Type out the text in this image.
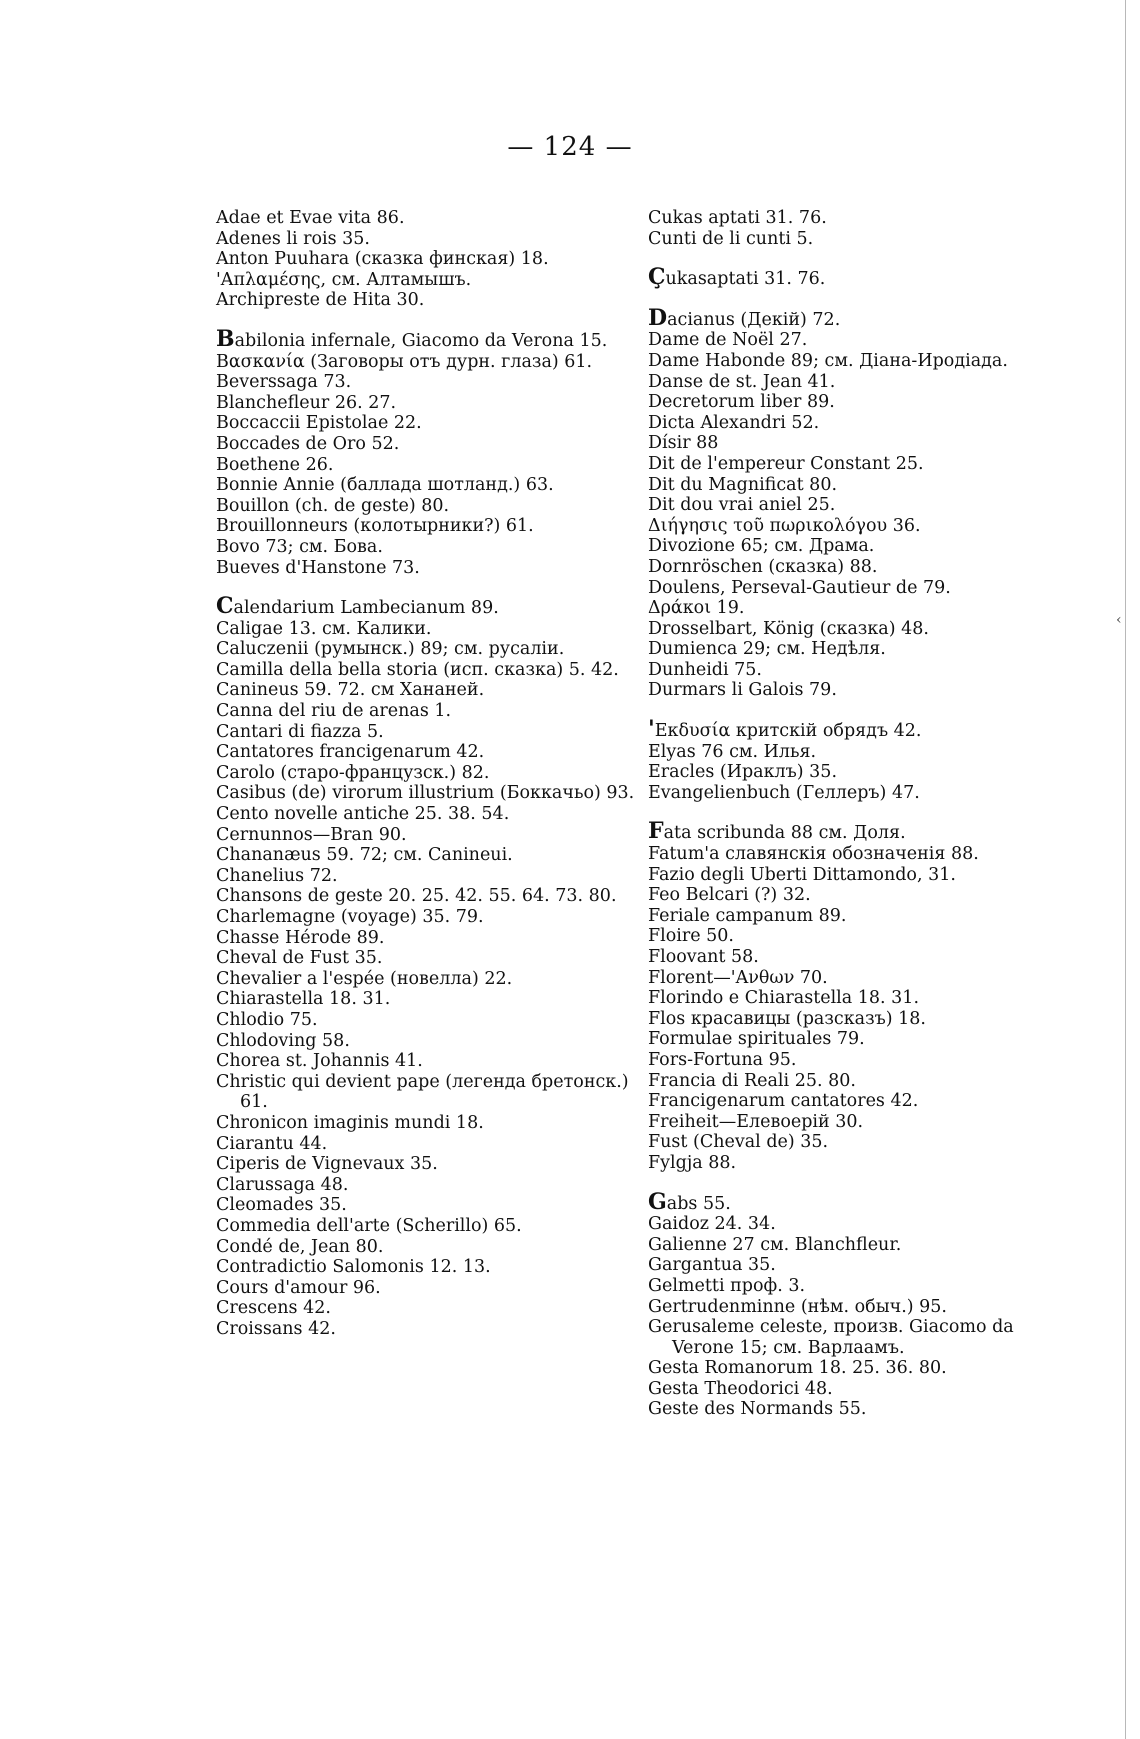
— 124 —
Adae et Evae vita 86.
Adenes li rois 35.
Anton Puuhara (сказка финская) 18.
'Απλαμέσης, см. Алтамышъ.
Archipreste de Hita 30.
Babilonia infernale, Giacomo da Verona 15.
Βασκανία (Заговоры отъ дурн. глаза) 61.
Beverssaga 73.
Blanchefleur 26. 27.
Boccaccii Epistolae 22.
Boccades de Oro 52.
Boethene 26.
Bonnie Annie (баллада шотланд.) 63.
Bouillon (ch. de geste) 80.
Brouillonneurs (колотырники?) 61.
Bovo 73; см. Бова.
Bueves d'Hanstone 73.
Calendarium Lambecianum 89.
Caligae 13. см. Калики.
Caluczenii (румынск.) 89; см. русалiи.
Camilla della bella storia (исп. сказка) 5. 42.
Canineus 59. 72. см Хананей.
Canna del riu de arenas 1.
Cantari di fiazza 5.
Cantatores francigenarum 42.
Carolo (старо-французск.) 82.
Casibus (de) virorum illustrium (Боккачьо) 93.
Cento novelle antiche 25. 38. 54.
Cernunnos—Bran 90.
Chananæus 59. 72; см. Canineui.
Chanelius 72.
Chansons de geste 20. 25. 42. 55. 64. 73. 80.
Charlemagne (voyage) 35. 79.
Chasse Hérode 89.
Cheval de Fust 35.
Chevalier a l'espée (новелла) 22.
Chiarastella 18. 31.
Chlodio 75.
Chlodoving 58.
Chorea st. Johannis 41.
Christic qui devient pape (легенда бретонск.) 61.
Chronicon imaginis mundi 18.
Ciarantu 44.
Ciperis de Vignevaux 35.
Clarussaga 48.
Cleomades 35.
Commedia dell'arte (Scherillo) 65.
Condé de, Jean 80.
Contradictio Salomonis 12. 13.
Cours d'amour 96.
Crescens 42.
Croissans 42.
Cukas aptati 31. 76.
Cunti de li cunti 5.
Çukasaptati 31. 76.
Dacianus (Декiй) 72.
Dame de Noël 27.
Dame Habonde 89; см. Дiана-Иродiада.
Danse de st. Jean 41.
Decretorum liber 89.
Dicta Alexandri 52.
Dísir 88
Dit de l'empereur Constant 25.
Dit du Magnificat 80.
Dit dou vrai aniel 25.
Διήγησις τοῦ πωρικολόγου 36.
Divozione 65; см. Драма.
Dornröschen (сказка) 88.
Doulens, Perseval-Gautieur de 79.
Δράκοι 19.
Drosselbart, König (сказка) 48.
Dumienca 29; см. Недѣля.
Dunheidi 75.
Durmars li Galois 79.
'Εκδυσία критскiй обрядъ 42.
Elyas 76 см. Илья.
Eracles (Ираклъ) 35.
Evangelienbuch (Геллеръ) 47.
Fata scribunda 88 см. Доля.
Fatum'a славянскiя обозначенiя 88.
Fazio degli Uberti Dittamondo, 31.
Feo Belcari (?) 32.
Feriale campanum 89.
Floire 50.
Floovant 58.
Florent—'Ανθων 70.
Florindo e Chiarastella 18. 31.
Flos красавицы (разсказъ) 18.
Formulae spirituales 79.
Fors-Fortuna 95.
Francia di Reali 25. 80.
Francigenarum cantatores 42.
Freiheit—Елевоерiй 30.
Fust (Cheval de) 35.
Fylgja 88.
Gabs 55.
Gaidoz 24. 34.
Galienne 27 см. Blanchfleur.
Gargantua 35.
Gelmetti проф. 3.
Gertrudenminne (нѣм. обыч.) 95.
Gerusaleme celeste, произв. Giacomo da Verone 15; см. Варлаамъ.
Gesta Romanorum 18. 25. 36. 80.
Gesta Theodorici 48.
Geste des Normands 55.
‹
